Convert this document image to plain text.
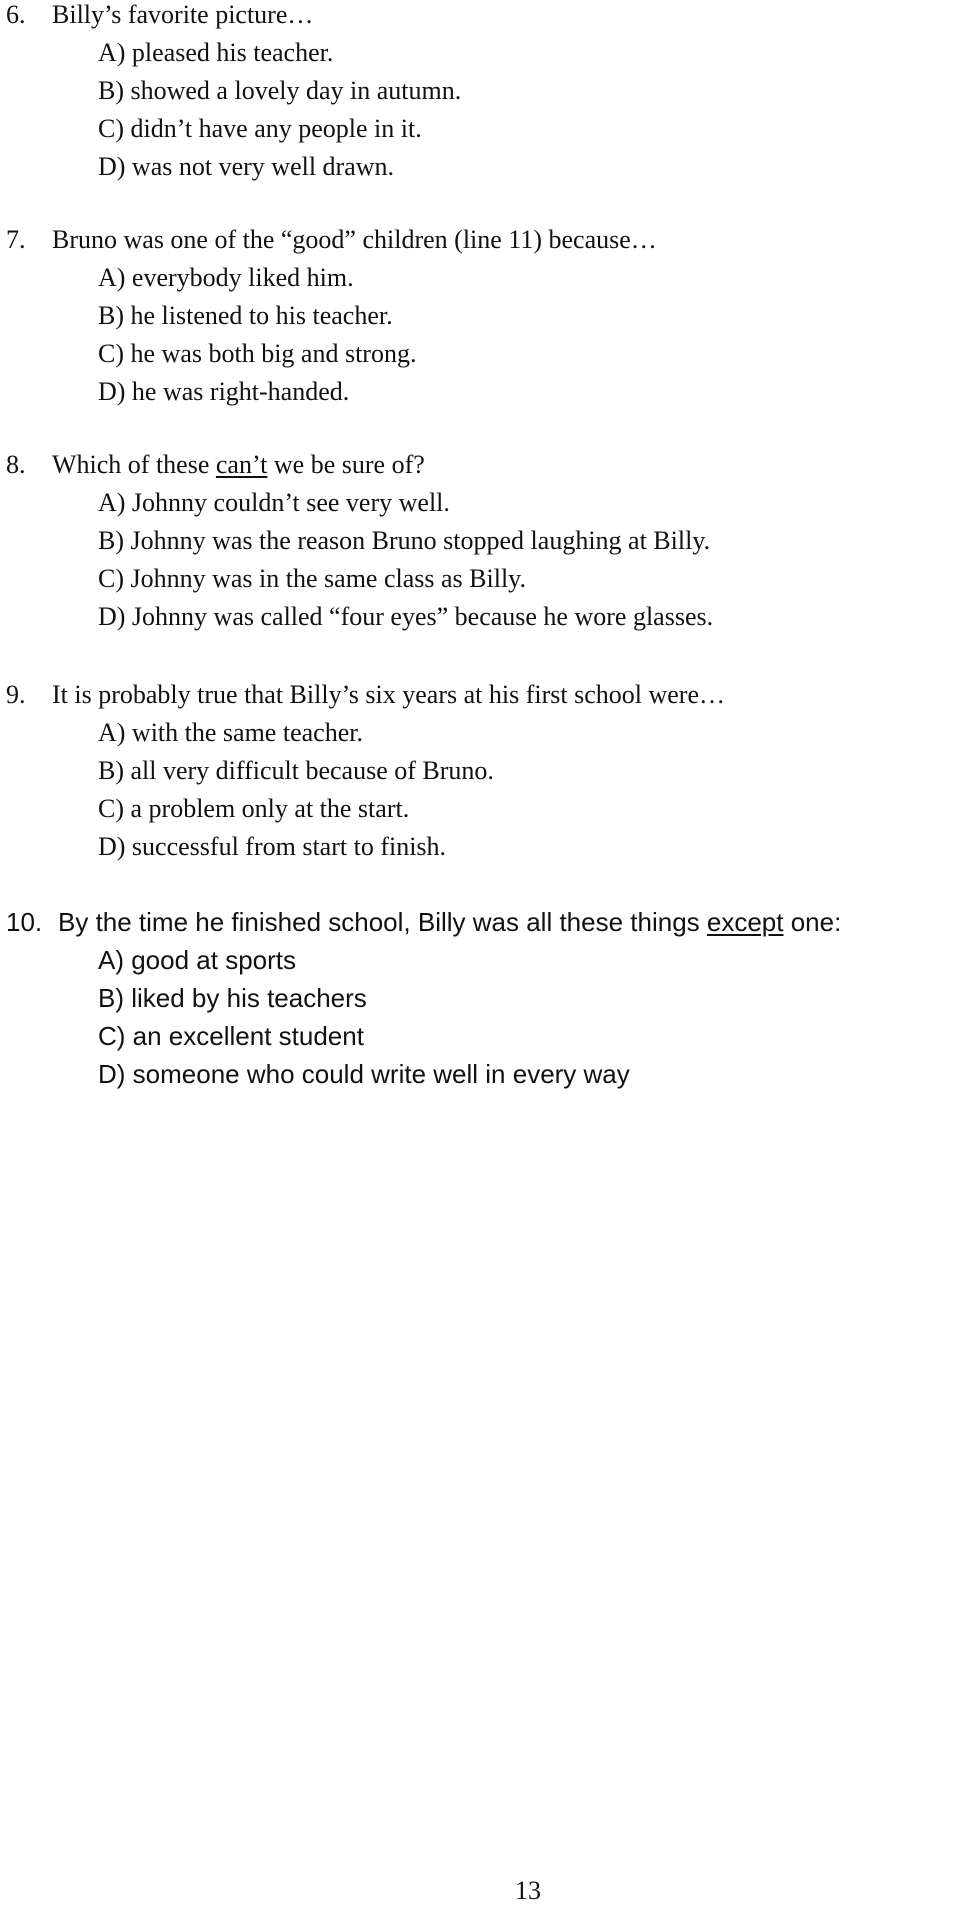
6. Billy’s favorite picture…
A) pleased his teacher.
B) showed a lovely day in autumn.
C) didn’t have any people in it.
D) was not very well drawn.
7. Bruno was one of the “good” children (line 11) because…
A) everybody liked him.
B) he listened to his teacher.
C) he was both big and strong.
D) he was right-handed.
8. Which of these can’t we be sure of?
A) Johnny couldn’t see very well.
B) Johnny was the reason Bruno stopped laughing at Billy.
C) Johnny was in the same class as Billy.
D) Johnny was called “four eyes” because he wore glasses.
9. It is probably true that Billy’s six years at his first school were…
A) with the same teacher.
B) all very difficult because of Bruno.
C) a problem only at the start.
D) successful from start to finish.
10. By the time he finished school, Billy was all these things except one:
A) good at sports
B) liked by his teachers
C) an excellent student
D) someone who could write well in every way
13
